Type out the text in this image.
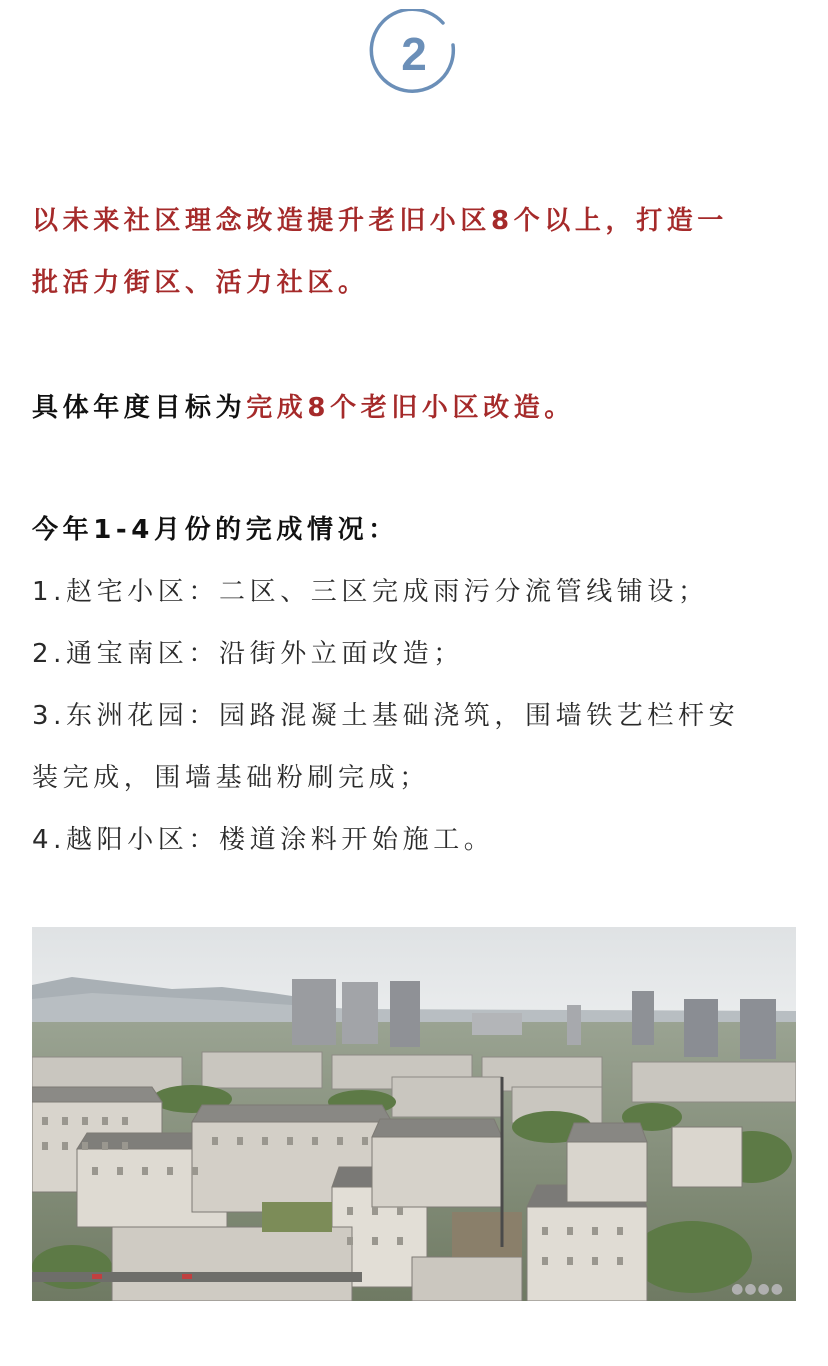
2
以未来社区理念改造提升老旧小区8个以上，打造一
批活力街区、活力社区。
具体年度目标为完成8个老旧小区改造。
今年1-4月份的完成情况：
1.赵宅小区：二区、三区完成雨污分流管线铺设；
2.通宝南区：沿街外立面改造；
3.东洲花园：园路混凝土基础浇筑，围墙铁艺栏杆安
装完成，围墙基础粉刷完成；
4.越阳小区：楼道涂料开始施工。
●●●●
